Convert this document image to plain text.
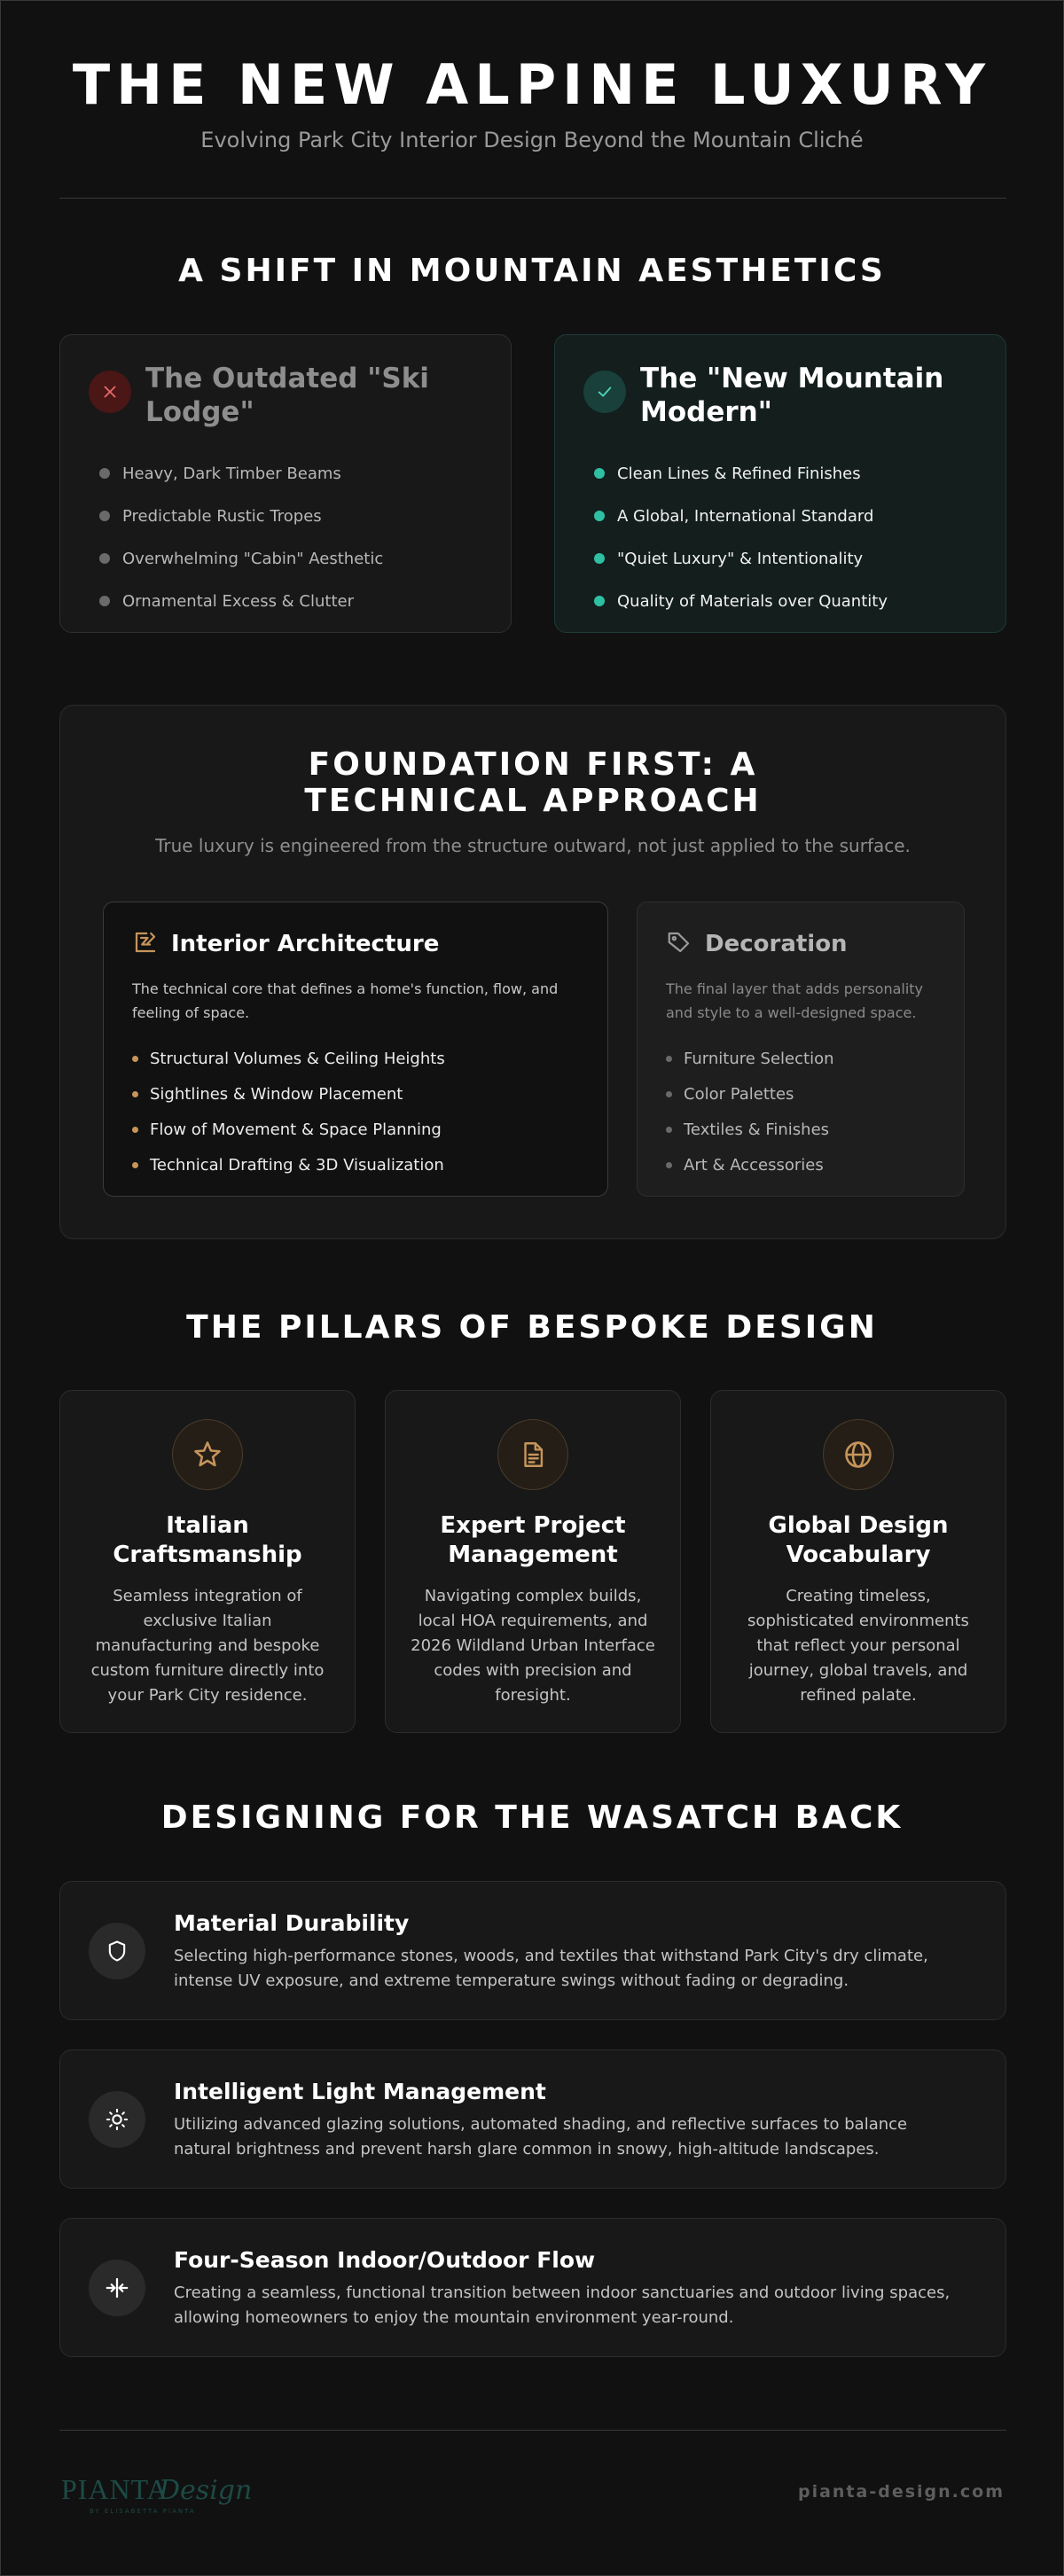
THE NEW ALPINE LUXURY
Evolving Park City Interior Design Beyond the Mountain Cliché
A SHIFT IN MOUNTAIN AESTHETICS
The Outdated "Ski Lodge"
Heavy, Dark Timber Beams
Predictable Rustic Tropes
Overwhelming "Cabin" Aesthetic
Ornamental Excess & Clutter
The "New Mountain Modern"
Clean Lines & Refined Finishes
A Global, International Standard
"Quiet Luxury" & Intentionality
Quality of Materials over Quantity
FOUNDATION FIRST: A TECHNICAL APPROACH
True luxury is engineered from the structure outward, not just applied to the surface.
Interior Architecture
The technical core that defines a home's function, flow, and feeling of space.
Structural Volumes & Ceiling Heights
Sightlines & Window Placement
Flow of Movement & Space Planning
Technical Drafting & 3D Visualization
Decoration
The final layer that adds personality and style to a well-designed space.
Furniture Selection
Color Palettes
Textiles & Finishes
Art & Accessories
THE PILLARS OF BESPOKE DESIGN
Italian Craftsmanship
Seamless integration of exclusive Italian manufacturing and bespoke custom furniture directly into your Park City residence.
Expert Project Management
Navigating complex builds, local HOA requirements, and 2026 Wildland Urban Interface codes with precision and foresight.
Global Design Vocabulary
Creating timeless, sophisticated environments that reflect your personal journey, global travels, and refined palate.
DESIGNING FOR THE WASATCH BACK
Material Durability
Selecting high-performance stones, woods, and textiles that withstand Park City's dry climate, intense UV exposure, and extreme temperature swings without fading or degrading.
Intelligent Light Management
Utilizing advanced glazing solutions, automated shading, and reflective surfaces to balance natural brightness and prevent harsh glare common in snowy, high-altitude landscapes.
Four-Season Indoor/Outdoor Flow
Creating a seamless, functional transition between indoor sanctuaries and outdoor living spaces, allowing homeowners to enjoy the mountain environment year-round.
PIANTA
Design
BY ELISABETTA PIANTA
pianta-design.com
